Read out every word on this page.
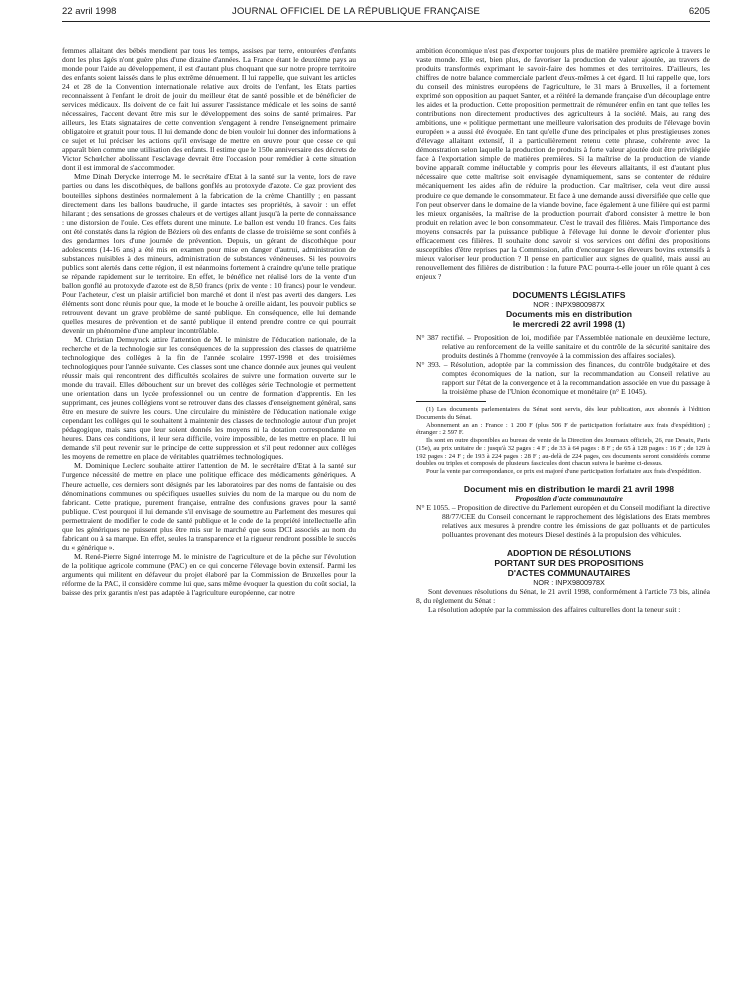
22 avril 1998	JOURNAL OFFICIEL DE LA RÉPUBLIQUE FRANÇAISE	6205

femmes allaitant des bébés mendient par tous les temps, assises par terre, entourées d'enfants dont les plus âgés n'ont guère plus d'une dizaine d'années. La France étant le deuxième pays au monde pour l'aide au développement, il est d'autant plus choquant que sur notre propre territoire des enfants soient laissés dans le plus extrême dénuement. Il lui rappelle, que suivant les articles 24 et 28 de la Convention internationale relative aux droits de l'enfant, les Etats parties reconnaissent à l'enfant le droit de jouir du meilleur état de santé possible et de bénéficier de services médicaux. Ils doivent de ce fait lui assurer l'assistance médicale et les soins de santé nécessaires, l'accent devant être mis sur le développement des soins de santé primaires. Par ailleurs, les Etats signataires de cette convention s'engagent à rendre l'enseignement primaire obligatoire et gratuit pour tous. Il lui demande donc de bien vouloir lui donner des informations à ce sujet et lui préciser les actions qu'il envisage de mettre en œuvre pour que cesse ce qui apparaît bien comme une utilisation des enfants. Il estime que le 150e anniversaire des décrets de Victor Schœlcher abolissant l'esclavage devrait être l'occasion pour remédier à cette situation dont il est immoral de s'accommoder.

Mme Dinah Derycke interroge M. le secrétaire d'Etat à la santé sur la vente, lors de rave parties ou dans les discothèques, de ballons gonflés au protoxyde d'azote. Ce gaz provient des bouteilles siphons destinées normalement à la fabrication de la crème Chantilly ; en passant directement dans les ballons baudruche, il garde intactes ses propriétés, à savoir : un effet hilarant ; des sensations de grosses chaleurs et de vertiges allant jusqu'à la perte de connaissance : une distorsion de l'ouïe. Ces effets durent une minute. Le ballon est vendu 10 francs. Ces faits ont été constatés dans la région de Béziers où des enfants de classe de troisième se sont confiés à des gendarmes lors d'une journée de prévention. Depuis, un gérant de discothèque pour adolescents (14-16 ans) a été mis en examen pour mise en danger d'autrui, administration de substances nuisibles à des mineurs, administration de substances vénéneuses. Si les pouvoirs publics sont alertés dans cette région, il est néanmoins fortement à craindre qu'une telle pratique se répande rapidement sur le territoire. En effet, le bénéfice net réalisé lors de la vente d'un ballon gonflé au protoxyde d'azote est de 8,50 francs (prix de vente : 10 francs) pour le vendeur. Pour l'acheteur, c'est un plaisir artificiel bon marché et dont il n'est pas averti des dangers. Les éléments sont donc réunis pour que, la mode et le bouche à oreille aidant, les pouvoir publics se retrouvent devant un grave problème de santé publique. En conséquence, elle lui demande quelles mesures de prévention et de santé publique il entend prendre contre ce qui pourrait devenir un phénomène d'une ampleur incontrôlable.

M. Christian Demuynck attire l'attention de M. le ministre de l'éducation nationale, de la recherche et de la technologie sur les conséquences de la suppression des classes de quatrième technologique des collèges à la fin de l'année scolaire 1997-1998 et des troisièmes technologiques pour l'année suivante. Ces classes sont une chance donnée aux jeunes qui veulent réussir mais qui rencontrent des difficultés scolaires de suivre une formation ouverte sur le monde du travail. Elles débouchent sur un brevet des collèges série Technologie et permettent une orientation dans un lycée professionnel ou un centre de formation d'apprentis. En les supprimant, ces jeunes collégiens vont se retrouver dans des classes d'enseignement général, sans être en mesure de suivre les cours. Une circulaire du ministère de l'éducation nationale exige cependant les collèges qui le souhaitent à maintenir des classes de technologie autour d'un projet pédagogique, mais sans que leur soient donnés les moyens ni la dotation correspondante en heures. Dans ces conditions, il leur sera difficile, voire impossible, de les mettre en place. Il lui demande s'il peut revenir sur le principe de cette suppression et s'il peut redonner aux collèges les moyens de remettre en place de véritables quatrièmes technologiques.

M. Dominique Leclerc souhaite attirer l'attention de M. le secrétaire d'Etat à la santé sur l'urgence nécessité de mettre en place une politique efficace des médicaments génériques. A l'heure actuelle, ces derniers sont désignés par les laboratoires par des noms de fantaisie ou des dénominations communes ou spécifiques usuelles suivies du nom de la marque ou du nom de fabricant. Cette pratique, purement française, entraîne des confusions graves pour la santé publique. C'est pourquoi il lui demande s'il envisage de soumettre au Parlement des mesures qui permettraient de modifier le code de santé publique et le code de la propriété intellectuelle afin que les génériques ne puissent plus être mis sur le marché que sous DCI associés au nom du fabricant ou à sa marque. En effet, seules la transparence et la rigueur rendront possible le succès du « générique ».

M. René-Pierre Signé interroge M. le ministre de l'agriculture et de la pêche sur l'évolution de la politique agricole commune (PAC) en ce qui concerne l'élevage bovin extensif. Parmi les arguments qui militent en défaveur du projet élaboré par la Commission de Bruxelles pour la réforme de la PAC, il considère comme lui que, sans même évoquer la question du coût social, la baisse des prix garantis n'est pas adaptée à l'agriculture européenne, car notre

ambition économique n'est pas d'exporter toujours plus de matière première agricole à travers le vaste monde. Elle est, bien plus, de favoriser la production de valeur ajoutée, au travers de produits transformés exprimant le savoir-faire des hommes et des territoires. D'ailleurs, les chiffres de notre balance commerciale parlent d'eux-mêmes à cet égard. Il lui rappelle que, lors du conseil des ministres européens de l'agriculture, le 31 mars à Bruxelles, il a fortement exprimé son opposition au paquet Santer, et a réitéré la demande française d'un découplage entre les aides et la production. Cette proposition permettrait de rémunérer enfin en tant que telles les contributions non directement productives des agriculteurs à la société. Mais, au rang des ambitions, une « politique permettant une meilleure valorisation des produits de l'élevage bovin européen » a aussi été évoquée. En tant qu'elle d'une des principales et plus prestigieuses zones d'élevage allaitant extensif, il a particulièrement retenu cette phrase, cohérente avec la démonstration selon laquelle la production de produits à forte valeur ajoutée doit être privilégiée face à l'exportation simple de matières premières. Si la maîtrise de la production de viande bovine apparaît comme inéluctable y compris pour les éleveurs allaitants, il est d'autant plus nécessaire que cette maîtrise soit envisagée dynamiquement, sans se contenter de réduire mécaniquement les aides afin de réduire la production. Car maîtriser, cela veut dire aussi produire ce que demande le consommateur. Et face à une demande aussi diversifiée que celle que l'on peut observer dans le domaine de la viande bovine, face également à une filière qui est parmi les mieux organisées, la maîtrise de la production pourrait d'abord consister à mettre le bon produit en relation avec le bon consommateur. C'est le travail des filières. Mais l'importance des moyens consacrés par la puissance publique à l'élevage lui donne le devoir d'orienter plus efficacement ces filières. Il souhaite donc savoir si vos services ont défini des propositions susceptibles d'être reprises par la Commission, afin d'encourager les éleveurs bovins extensifs à mieux valoriser leur production ? Il pense en particulier aux signes de qualité, mais aussi au renouvellement des filières de distribution : la future PAC pourra-t-elle jouer un rôle quant à ces enjeux ?

DOCUMENTS LÉGISLATIFS

NOR : INPX9800987X

Documents mis en distribution

le mercredi 22 avril 1998 (1)

N° 387 rectifié. – Proposition de loi, modifiée par l'Assemblée nationale en deuxième lecture, relative au renforcement de la veille sanitaire et du contrôle de la sécurité sanitaire des produits destinés à l'homme (renvoyée à la commission des affaires sociales).

N° 393. – Résolution, adoptée par la commission des finances, du contrôle budgétaire et des comptes économiques de la nation, sur la recommandation au Conseil relative au rapport sur l'état de la convergence et à la recommandation associée en vue du passage à la troisième phase de l'Union économique et monétaire (n° E 1045).

(1) Les documents parlementaires du Sénat sont servis, dès leur publication, aux abonnés à l'édition Documents du Sénat.

Abonnement an an : France : 1 200 F (plus 506 F de participation forfaitaire aux frais d'expédition) ; étranger : 2 597 F.

Ils sont en outre disponibles au bureau de vente de la Direction des Journaux officiels, 26, rue Desaix, Paris (15e), au prix unitaire de : jusqu'à 32 pages : 4 F ; de 33 à 64 pages : 8 F ; de 65 à 128 pages : 16 F ; de 129 à 192 pages : 24 F ; de 193 à 224 pages : 28 F ; au-delà de 224 pages, ces documents seront considérés comme doubles ou triples et composés de plusieurs fascicules dont chacun suivra le barème ci-dessus.

Pour la vente par correspondance, ce prix est majoré d'une participation forfaitaire aux frais d'expédition.

Document mis en distribution le mardi 21 avril 1998

Proposition d'acte communautaire

N° E 1055. – Proposition de directive du Parlement européen et du Conseil modifiant la directive 88/77/CEE du Conseil concernant le rapprochement des législations des Etats membres relatives aux mesures à prendre contre les émissions de gaz polluants et de particules polluantes provenant des moteurs Diesel destinés à la propulsion des véhicules.

ADOPTION DE RÉSOLUTIONS

PORTANT SUR DES PROPOSITIONS

D'ACTES COMMUNAUTAIRES

NOR : INPX9800978X

Sont devenues résolutions du Sénat, le 21 avril 1998, conformément à l'article 73 bis, alinéa 8, du règlement du Sénat :

La résolution adoptée par la commission des affaires culturelles dont la teneur suit :
